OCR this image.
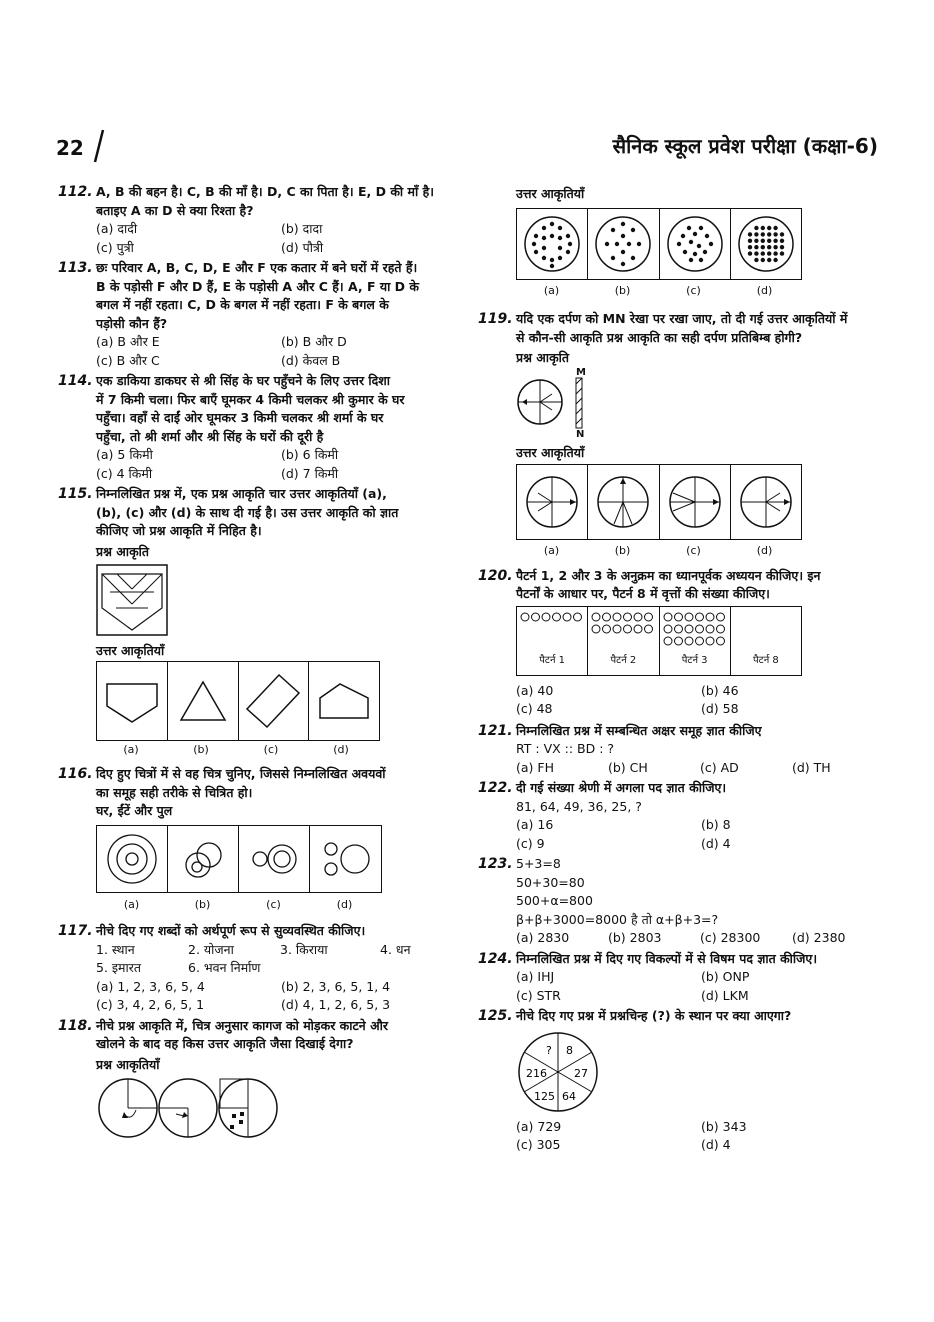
22	सैनिक स्कूल प्रवेश परीक्षा (कक्षा-6)
112. A, B की बहन है। C, B की माँ है। D, C का पिता है। E, D की माँ है।
बताइए A का D से क्या रिश्ता है?
(a) दादी	(b) दादा
(c) पुत्री	(d) पौत्री
113. छः परिवार A, B, C, D, E और F एक कतार में बने घरों में रहते हैं।
B के पड़ोसी F और D हैं, E के पड़ोसी A और C हैं। A, F या D के
बगल में नहीं रहता। C, D के बगल में नहीं रहता। F के बगल के
पड़ोसी कौन हैं?
(a) B और E	(b) B और D
(c) B और C	(d) केवल B
114. एक डाकिया डाकघर से श्री सिंह के घर पहुँचने के लिए उत्तर दिशा
में 7 किमी चला। फिर बाएँ घूमकर 4 किमी चलकर श्री कुमार के घर
पहुँचा। वहाँ से दाईं ओर घूमकर 3 किमी चलकर श्री शर्मा के घर
पहुँचा, तो श्री शर्मा और श्री सिंह के घरों की दूरी है
(a) 5 किमी	(b) 6 किमी
(c) 4 किमी	(d) 7 किमी
115. निम्नलिखित प्रश्न में, एक प्रश्न आकृति चार उत्तर आकृतियाँ (a),
(b), (c) और (d) के साथ दी गई है। उस उत्तर आकृति को ज्ञात
कीजिए जो प्रश्न आकृति में निहित है।
प्रश्न आकृति
उत्तर आकृतियाँ
(a)	(b)	(c)	(d)
116. दिए हुए चित्रों में से वह चित्र चुनिए, जिससे निम्नलिखित अवयवों
का समूह सही तरीके से चित्रित हो।
घर, ईंटें और पुल
(a)	(b)	(c)	(d)
117. नीचे दिए गए शब्दों को अर्थपूर्ण रूप से सुव्यवस्थित कीजिए।
1. स्थान	2. योजना	3. किराया	4. धन
5. इमारत	6. भवन निर्माण
(a) 1, 2, 3, 6, 5, 4	(b) 2, 3, 6, 5, 1, 4
(c) 3, 4, 2, 6, 5, 1	(d) 4, 1, 2, 6, 5, 3
118. नीचे प्रश्न आकृति में, चित्र अनुसार कागज को मोड़कर काटने और
खोलने के बाद वह किस उत्तर आकृति जैसा दिखाई देगा?
प्रश्न आकृतियाँ
उत्तर आकृतियाँ
(a)	(b)	(c)	(d)
119. यदि एक दर्पण को MN रेखा पर रखा जाए, तो दी गई उत्तर आकृतियों में
से कौन-सी आकृति प्रश्न आकृति का सही दर्पण प्रतिबिम्ब होगी?
प्रश्न आकृति
M
N
उत्तर आकृतियाँ
(a)	(b)	(c)	(d)
120. पैटर्न 1, 2 और 3 के अनुक्रम का ध्यानपूर्वक अध्ययन कीजिए। इन
पैटर्नों के आधार पर, पैटर्न 8 में वृत्तों की संख्या कीजिए।
पैटर्न 1	पैटर्न 2	पैटर्न 3	पैटर्न 8
(a) 40	(b) 46
(c) 48	(d) 58
121. निम्नलिखित प्रश्न में सम्बन्धित अक्षर समूह ज्ञात कीजिए
RT : VX :: BD : ?
(a) FH	(b) CH	(c) AD	(d) TH
122. दी गई संख्या श्रेणी में अगला पद ज्ञात कीजिए।
81, 64, 49, 36, 25, ?
(a) 16	(b) 8
(c) 9	(d) 4
123. 5+3=8
50+30=80
500+α=800
β+β+3000=8000 है तो α+β+3=?
(a) 2830	(b) 2803	(c) 28300	(d) 2380
124. निम्नलिखित प्रश्न में दिए गए विकल्पों में से विषम पद ज्ञात कीजिए।
(a) IHJ	(b) ONP
(c) STR	(d) LKM
125. नीचे दिए गए प्रश्न में प्रश्नचिन्ह (?) के स्थान पर क्या आएगा?
? 8
27
64
125
216
(a) 729	(b) 343
(c) 305	(d) 4
